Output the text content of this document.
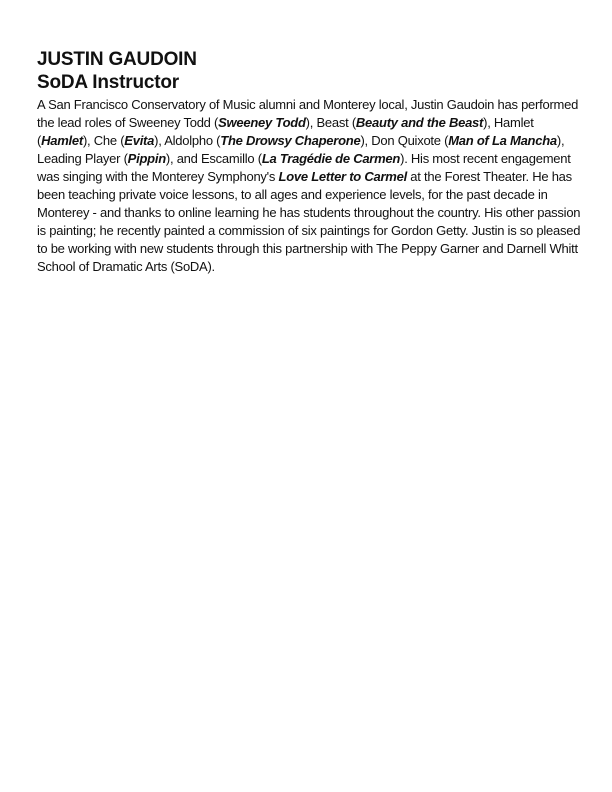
JUSTIN GAUDOIN
SoDA Instructor

A San Francisco Conservatory of Music alumni and Monterey local, Justin Gaudoin has performed the lead roles of Sweeney Todd (Sweeney Todd), Beast (Beauty and the Beast), Hamlet (Hamlet), Che (Evita), Aldolpho (The Drowsy Chaperone), Don Quixote (Man of La Mancha), Leading Player (Pippin), and Escamillo (La Tragédie de Carmen). His most recent engagement was singing with the Monterey Symphony's Love Letter to Carmel at the Forest Theater. He has been teaching private voice lessons, to all ages and experience levels, for the past decade in Monterey - and thanks to online learning he has students throughout the country. His other passion is painting; he recently painted a commission of six paintings for Gordon Getty. Justin is so pleased to be working with new students through this partnership with The Peppy Garner and Darnell Whitt School of Dramatic Arts (SoDA).
